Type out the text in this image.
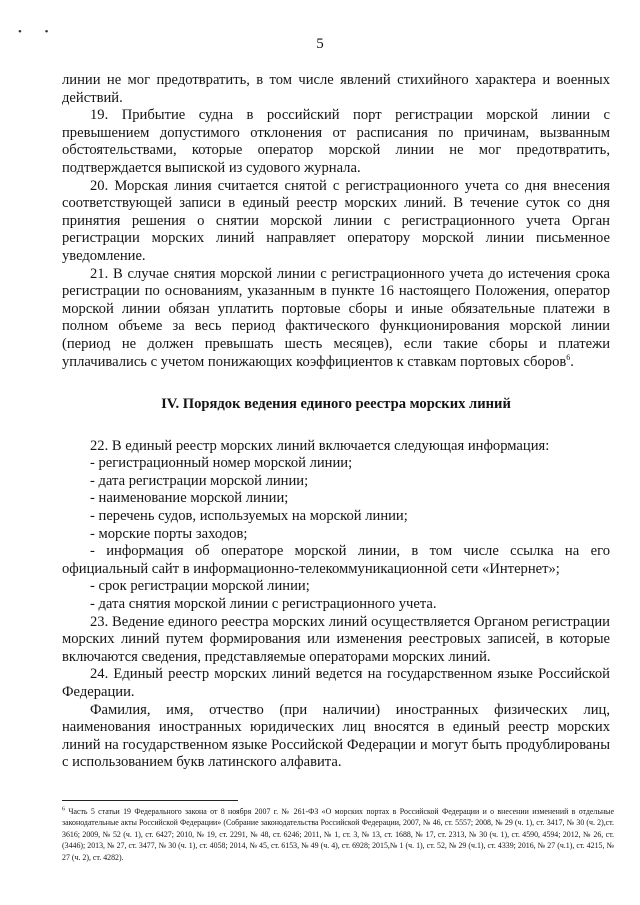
• •
5

линии не мог предотвратить, в том числе явлений стихийного характера и военных действий.

19. Прибытие судна в российский порт регистрации морской линии с превышением допустимого отклонения от расписания по причинам, вызванным обстоятельствами, которые оператор морской линии не мог предотвратить, подтверждается выпиской из судового журнала.

20. Морская линия считается снятой с регистрационного учета со дня внесения соответствующей записи в единый реестр морских линий. В течение суток со дня принятия решения о снятии морской линии с регистрационного учета Орган регистрации морских линий направляет оператору морской линии письменное уведомление.

21. В случае снятия морской линии с регистрационного учета до истечения срока регистрации по основаниям, указанным в пункте 16 настоящего Положения, оператор морской линии обязан уплатить портовые сборы и иные обязательные платежи в полном объеме за весь период фактического функционирования морской линии (период не должен превышать шесть месяцев), если такие сборы и платежи уплачивались с учетом понижающих коэффициентов к ставкам портовых сборов$^6$.

IV. Порядок ведения единого реестра морских линий

22. В единый реестр морских линий включается следующая информация:

- регистрационный номер морской линии;

- дата регистрации морской линии;

- наименование морской линии;

- перечень судов, используемых на морской линии;

- морские порты заходов;

- информация об операторе морской линии, в том числе ссылка на его официальный сайт в информационно-телекоммуникационной сети «Интернет»;

- срок регистрации морской линии;

- дата снятия морской линии с регистрационного учета.

23. Ведение единого реестра морских линий осуществляется Органом регистрации морских линий путем формирования или изменения реестровых записей, в которые включаются сведения, представляемые операторами морских линий.

24. Единый реестр морских линий ведется на государственном языке Российской Федерации.

Фамилия, имя, отчество (при наличии) иностранных физических лиц, наименования иностранных юридических лиц вносятся в единый реестр морских линий на государственном языке Российской Федерации и могут быть продублированы с использованием букв латинского алфавита.

$^6$ Часть 5 статьи 19 Федерального закона от 8 ноября 2007 г. № 261-ФЗ «О морских портах в Российской Федерации и о внесении изменений в отдельные законодательные акты Российской Федерации» (Собрание законодательства Российской Федерации, 2007, № 46, ст. 5557; 2008, № 29 (ч. 1), ст. 3417, № 30 (ч. 2),ст. 3616; 2009, № 52 (ч. 1), ст. 6427; 2010, № 19, ст. 2291, № 48, ст. 6246; 2011, № 1, ст. 3, № 13, ст. 1688, № 17, ст. 2313, № 30 (ч. 1), ст. 4590, 4594; 2012, № 26, ст. (3446); 2013, № 27, ст. 3477, № 30 (ч. 1), ст. 4058; 2014, № 45, ст. 6153, № 49 (ч. 4), ст. 6928; 2015,№ 1 (ч. 1), ст. 52, № 29 (ч.1), ст. 4339; 2016, № 27 (ч.1), ст. 4215, № 27 (ч. 2), ст. 4282).
